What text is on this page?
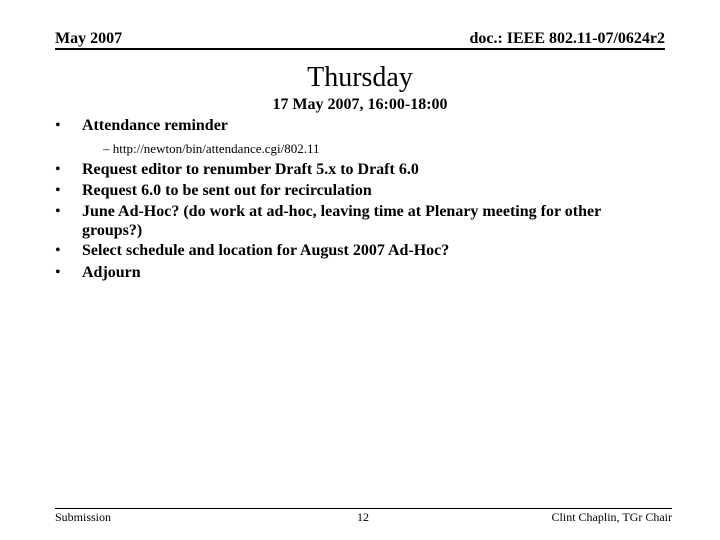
May 2007	doc.: IEEE 802.11-07/0624r2
Thursday
17 May 2007, 16:00-18:00
• Attendance reminder
– http://newton/bin/attendance.cgi/802.11
• Request editor to renumber Draft 5.x to Draft 6.0
• Request 6.0 to be sent out for recirculation
• June Ad-Hoc? (do work at ad-hoc, leaving time at Plenary meeting for other
groups?)
• Select schedule and location for August 2007 Ad-Hoc?
• Adjourn
Submission	12	Clint Chaplin, TGr Chair
